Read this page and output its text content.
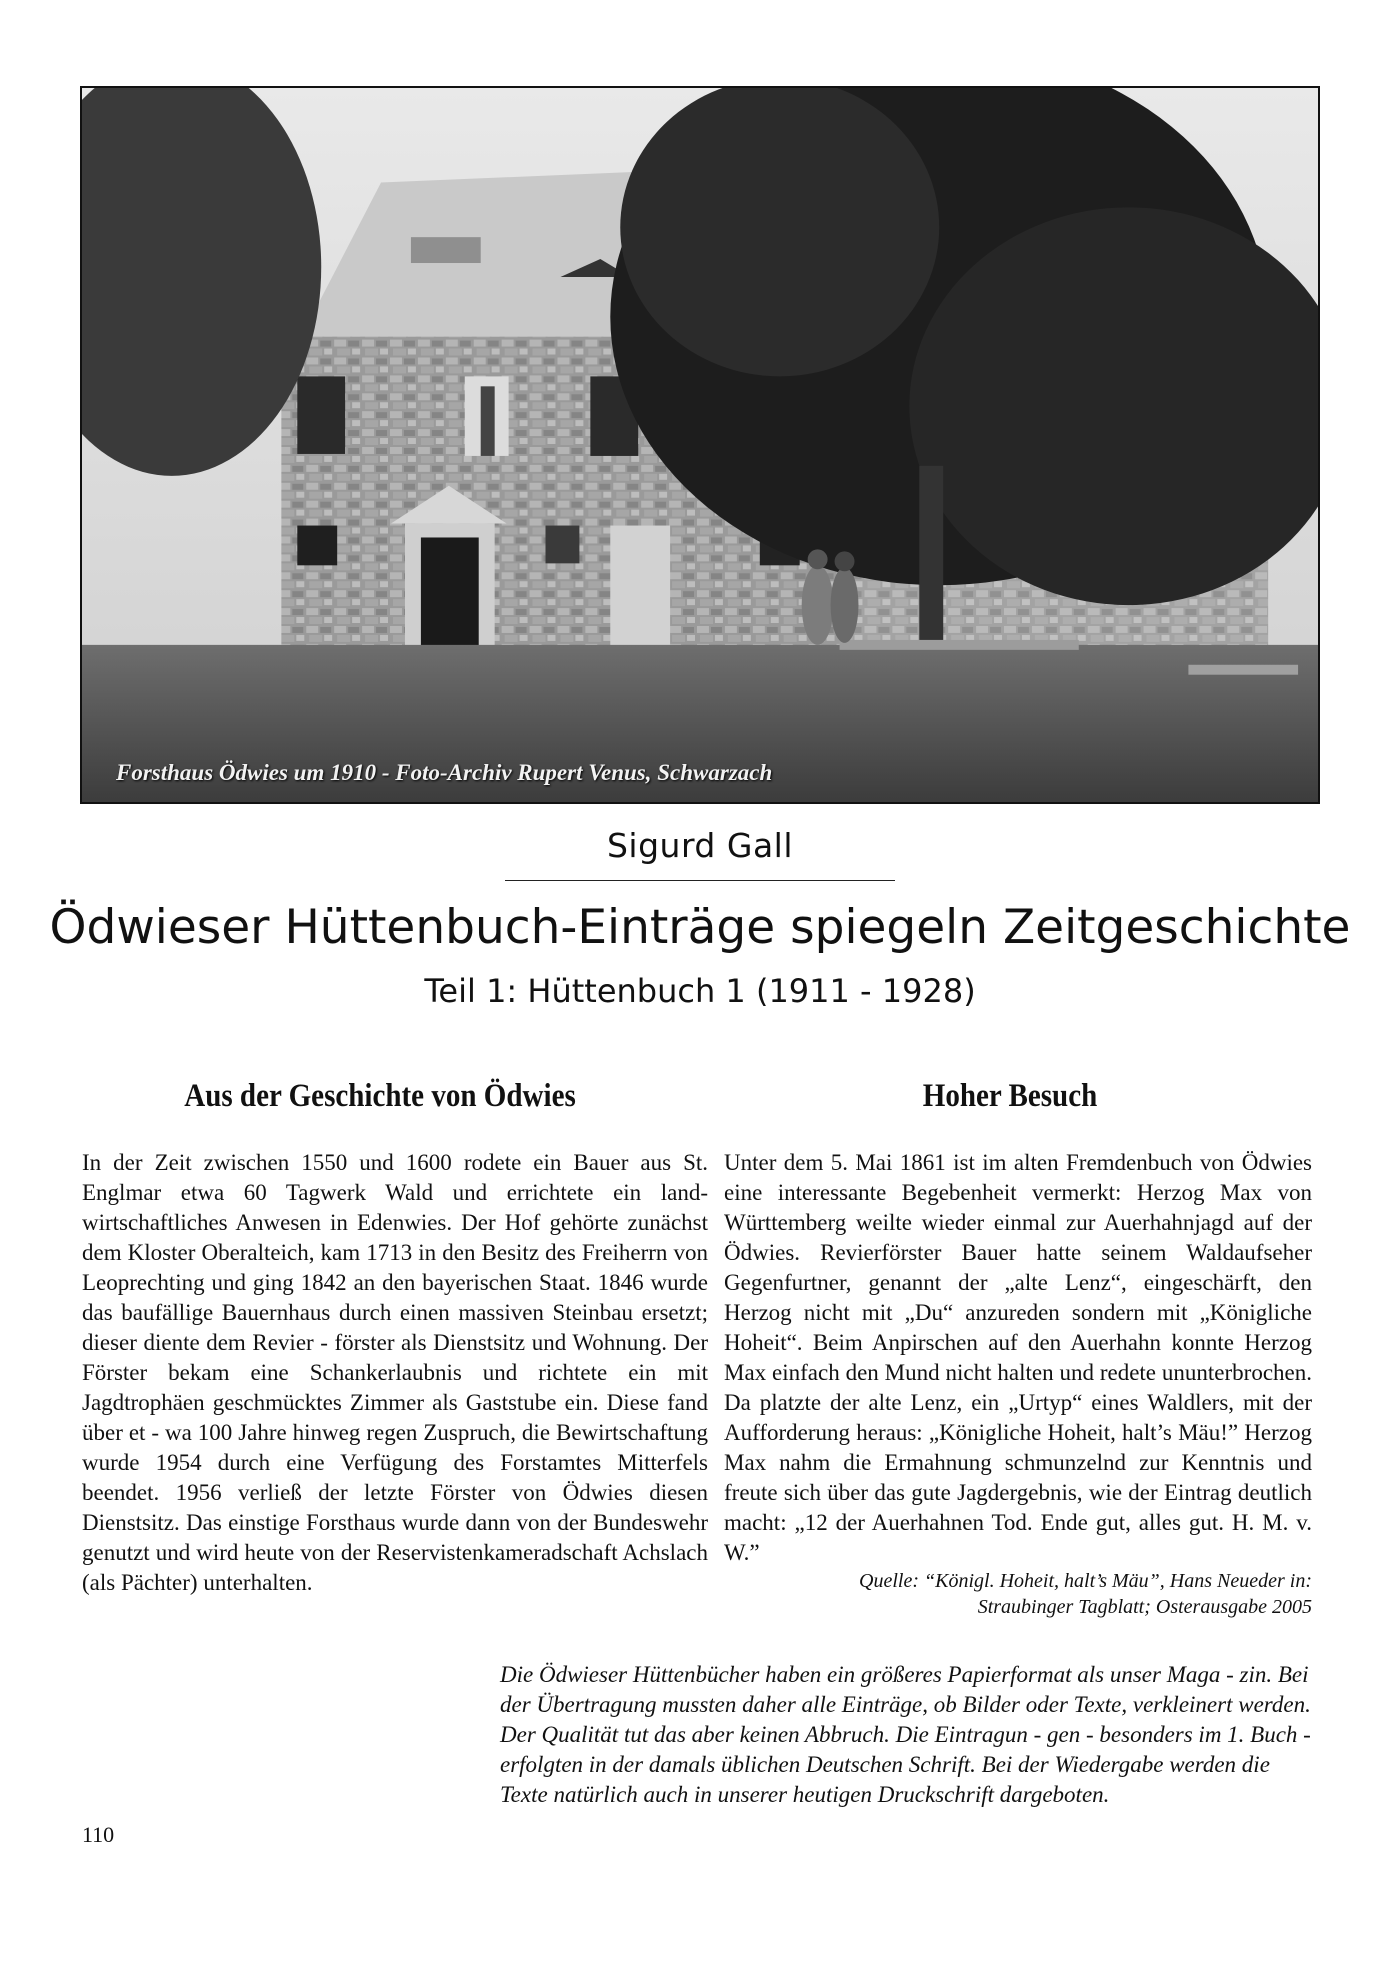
Forsthaus Ödwies um 1910 - Foto-Archiv Rupert Venus, Schwarzach
Sigurd Gall
Ödwieser Hüttenbuch-Einträge spiegeln Zeitgeschichte
Teil 1: Hüttenbuch 1 (1911 - 1928)
Aus der Geschichte von Ödwies	Hoher Besuch
In der Zeit zwischen 1550 und 1600 rodete ein Bauer aus St. Englmar etwa 60 Tagwerk Wald und errichtete ein landwirtschaftliches Anwesen in Edenwies. Der Hof gehörte zunächst dem Kloster Oberalteich, kam 1713 in den Besitz des Freiherrn von Leoprechting und ging 1842 an den bayerischen Staat. 1846 wurde das baufällige Bauernhaus durch einen massiven Steinbau ersetzt; dieser diente dem Revier - förster als Dienstsitz und Wohnung. Der Förster bekam eine Schankerlaubnis und richtete ein mit Jagdtrophäen geschmücktes Zimmer als Gaststube ein. Diese fand über et - wa 100 Jahre hinweg regen Zuspruch, die Bewirtschaftung wurde 1954 durch eine Verfügung des Forstamtes Mitterfels beendet. 1956 verließ der letzte Förster von Ödwies diesen Dienstsitz. Das einstige Forsthaus wurde dann von der Bundeswehr genutzt und wird heute von der Reservistenkameradschaft Achslach (als Pächter) unterhalten.
Unter dem 5. Mai 1861 ist im alten Fremdenbuch von Ödwies eine interessante Begebenheit vermerkt: Herzog Max von Württemberg weilte wieder einmal zur Auerhahnjagd auf der Ödwies. Revierförster Bauer hatte seinem Waldaufseher Gegenfurtner, genannt der „alte Lenz“, eingeschärft, den Herzog nicht mit „Du“ anzureden sondern mit „Königliche Hoheit“. Beim Anpirschen auf den Auerhahn konnte Herzog Max einfach den Mund nicht halten und redete ununterbrochen. Da platzte der alte Lenz, ein „Urtyp“ eines Waldlers, mit der Aufforderung heraus: „Königliche Hoheit, halt’s Mäu!” Herzog Max nahm die Ermahnung schmunzelnd zur Kenntnis und freute sich über das gute Jagdergebnis, wie der Eintrag deutlich macht: „12 der Auerhahnen Tod. Ende gut, alles gut. H. M. v. W.”
Quelle: “Königl. Hoheit, halt’s Mäu”, Hans Neueder in:
Straubinger Tagblatt; Osterausgabe 2005
Die Ödwieser Hüttenbücher haben ein größeres Papierformat als unser Maga - zin. Bei der Übertragung mussten daher alle Einträge, ob Bilder oder Texte, verkleinert werden. Der Qualität tut das aber keinen Abbruch. Die Eintragun - gen - besonders im 1. Buch - erfolgten in der damals üblichen Deutschen Schrift. Bei der Wiedergabe werden die Texte natürlich auch in unserer heutigen Druckschrift dargeboten.
110
